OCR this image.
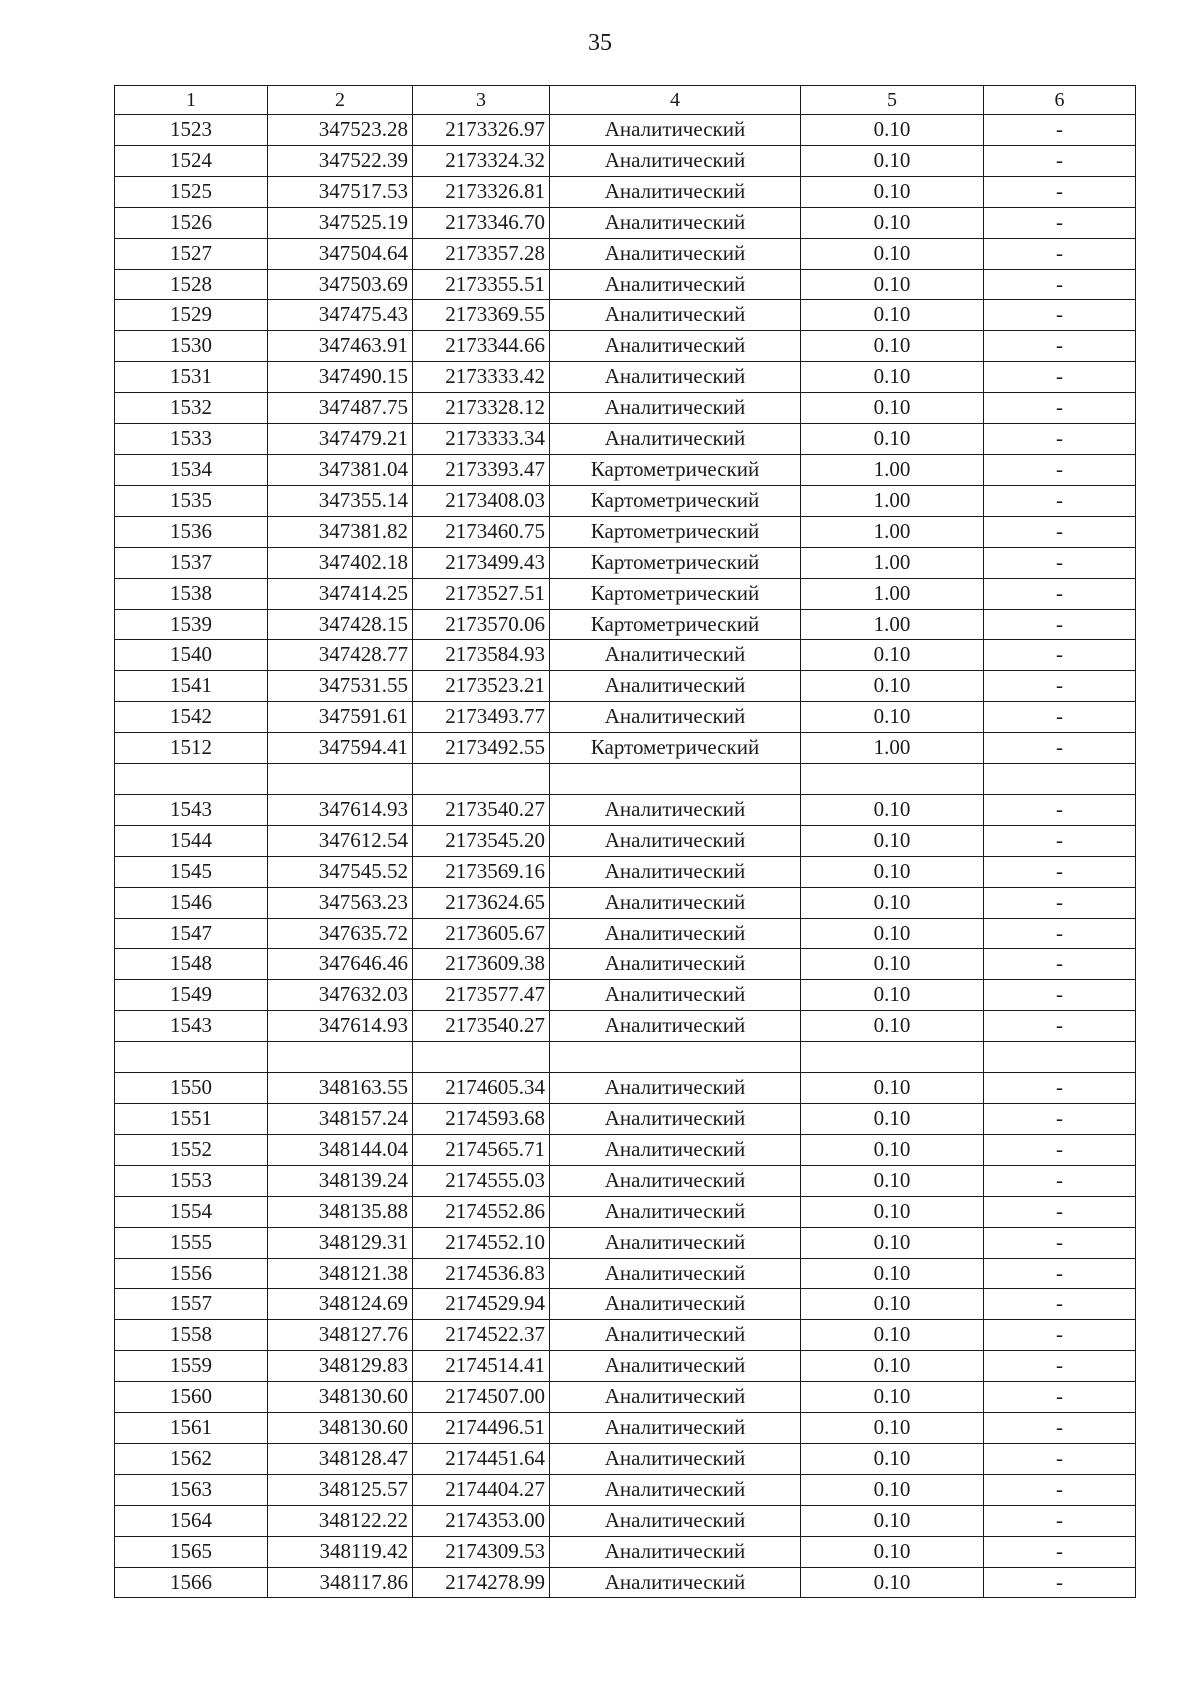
35
1	2	3	4	5	6
1523	347523.28	2173326.97	Аналитический	0.10	-
1524	347522.39	2173324.32	Аналитический	0.10	-
1525	347517.53	2173326.81	Аналитический	0.10	-
1526	347525.19	2173346.70	Аналитический	0.10	-
1527	347504.64	2173357.28	Аналитический	0.10	-
1528	347503.69	2173355.51	Аналитический	0.10	-
1529	347475.43	2173369.55	Аналитический	0.10	-
1530	347463.91	2173344.66	Аналитический	0.10	-
1531	347490.15	2173333.42	Аналитический	0.10	-
1532	347487.75	2173328.12	Аналитический	0.10	-
1533	347479.21	2173333.34	Аналитический	0.10	-
1534	347381.04	2173393.47	Картометрический	1.00	-
1535	347355.14	2173408.03	Картометрический	1.00	-
1536	347381.82	2173460.75	Картометрический	1.00	-
1537	347402.18	2173499.43	Картометрический	1.00	-
1538	347414.25	2173527.51	Картометрический	1.00	-
1539	347428.15	2173570.06	Картометрический	1.00	-
1540	347428.77	2173584.93	Аналитический	0.10	-
1541	347531.55	2173523.21	Аналитический	0.10	-
1542	347591.61	2173493.77	Аналитический	0.10	-
1512	347594.41	2173492.55	Картометрический	1.00	-

1543	347614.93	2173540.27	Аналитический	0.10	-
1544	347612.54	2173545.20	Аналитический	0.10	-
1545	347545.52	2173569.16	Аналитический	0.10	-
1546	347563.23	2173624.65	Аналитический	0.10	-
1547	347635.72	2173605.67	Аналитический	0.10	-
1548	347646.46	2173609.38	Аналитический	0.10	-
1549	347632.03	2173577.47	Аналитический	0.10	-
1543	347614.93	2173540.27	Аналитический	0.10	-

1550	348163.55	2174605.34	Аналитический	0.10	-
1551	348157.24	2174593.68	Аналитический	0.10	-
1552	348144.04	2174565.71	Аналитический	0.10	-
1553	348139.24	2174555.03	Аналитический	0.10	-
1554	348135.88	2174552.86	Аналитический	0.10	-
1555	348129.31	2174552.10	Аналитический	0.10	-
1556	348121.38	2174536.83	Аналитический	0.10	-
1557	348124.69	2174529.94	Аналитический	0.10	-
1558	348127.76	2174522.37	Аналитический	0.10	-
1559	348129.83	2174514.41	Аналитический	0.10	-
1560	348130.60	2174507.00	Аналитический	0.10	-
1561	348130.60	2174496.51	Аналитический	0.10	-
1562	348128.47	2174451.64	Аналитический	0.10	-
1563	348125.57	2174404.27	Аналитический	0.10	-
1564	348122.22	2174353.00	Аналитический	0.10	-
1565	348119.42	2174309.53	Аналитический	0.10	-
1566	348117.86	2174278.99	Аналитический	0.10	-
